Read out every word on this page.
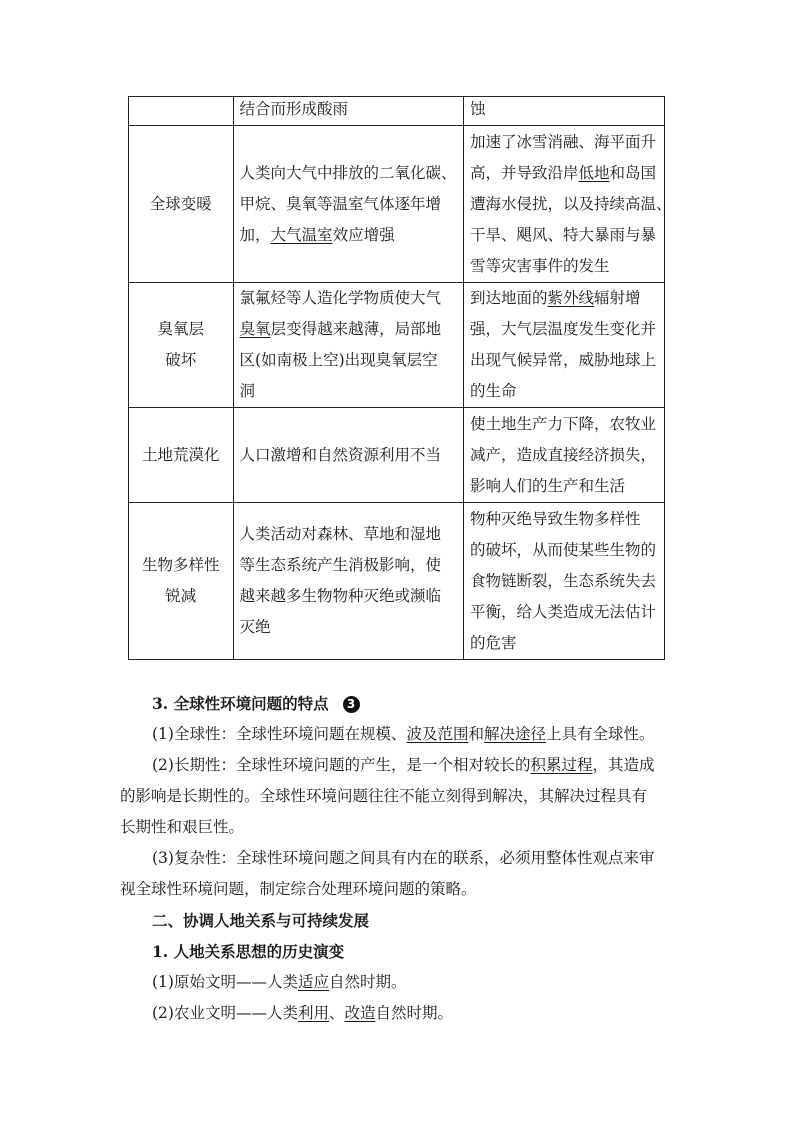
	结合而形成酸雨	蚀
全球变暖	人类向大气中排放的二氧化碳、
甲烷、臭氧等温室气体逐年增
加，大气温室效应增强	加速了冰雪消融、海平面升
高，并导致沿岸低地和岛国
遭海水侵扰，以及持续高温、
干旱、飓风、特大暴雨与暴
雪等灾害事件的发生

臭氧层
破坏	氯氟烃等人造化学物质使大气
臭氧层变得越来越薄，局部地
区(如南极上空)出现臭氧层空
洞	到达地面的紫外线辐射增
强，大气层温度发生变化并
出现气候异常，威胁地球上
的生命

土地荒漠化	人口激增和自然资源利用不当	使土地生产力下降，农牧业
减产，造成直接经济损失，
影响人们的生产和生活

生物多样性
锐减	人类活动对森林、草地和湿地
等生态系统产生消极影响，使
越来越多生物物种灭绝或濒临
灭绝	物种灭绝导致生物多样性
的破坏，从而使某些生物的
食物链断裂，生态系统失去
平衡，给人类造成无法估计
的危害

3. 全球性环境问题的特点 3

(1)全球性：全球性环境问题在规模、波及范围和解决途径上具有全球性。

(2)长期性：全球性环境问题的产生，是一个相对较长的积累过程，其造成

的影响是长期性的。全球性环境问题往往不能立刻得到解决，其解决过程具有

长期性和艰巨性。

(3)复杂性：全球性环境问题之间具有内在的联系，必须用整体性观点来审

视全球性环境问题，制定综合处理环境问题的策略。

二、协调人地关系与可持续发展

1. 人地关系思想的历史演变

(1)原始文明——人类适应自然时期。

(2)农业文明——人类利用、改造自然时期。
